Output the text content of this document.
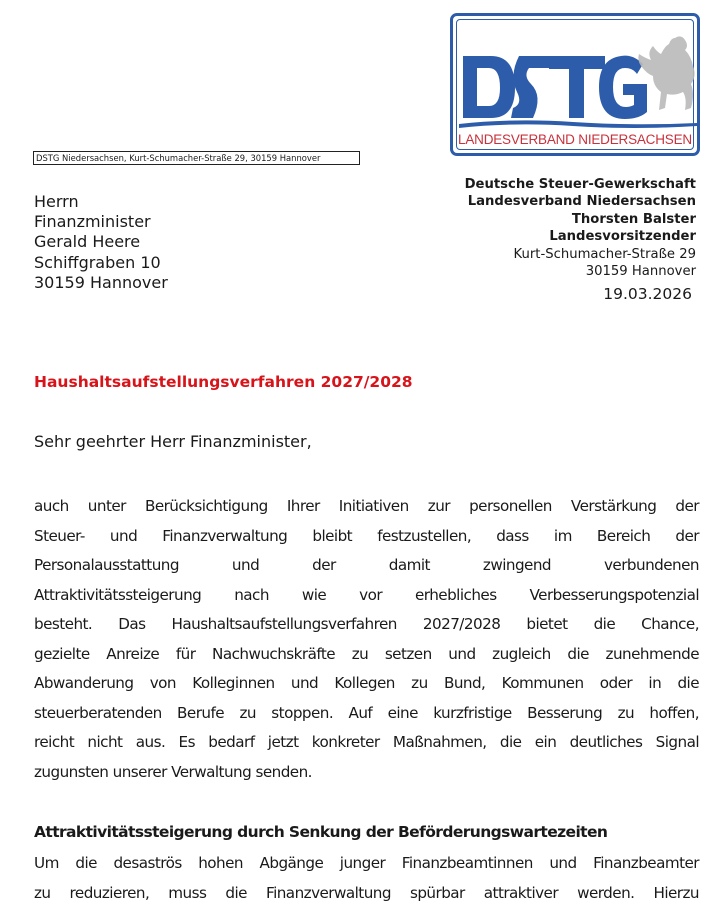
LANDESVERBAND NIEDERSACHSEN
DSTG Niedersachsen, Kurt-Schumacher-Straße 29, 30159 Hannover
Herrn
Finanzminister
Gerald Heere
Schiffgraben 10
30159 Hannover
Deutsche Steuer-Gewerkschaft
Landesverband Niedersachsen
Thorsten Balster
Landesvorsitzender
Kurt-Schumacher-Straße 29
30159 Hannover
19.03.2026
Haushaltsaufstellungsverfahren 2027/2028
Sehr geehrter Herr Finanzminister,
auch unter Berücksichtigung Ihrer Initiativen zur personellen Verstärkung der
Steuer- und Finanzverwaltung bleibt festzustellen, dass im Bereich der
Personalausstattung und der damit zwingend verbundenen
Attraktivitätssteigerung nach wie vor erhebliches Verbesserungspotenzial
besteht. Das Haushaltsaufstellungsverfahren 2027/2028 bietet die Chance,
gezielte Anreize für Nachwuchskräfte zu setzen und zugleich die zunehmende
Abwanderung von Kolleginnen und Kollegen zu Bund, Kommunen oder in die
steuerberatenden Berufe zu stoppen. Auf eine kurzfristige Besserung zu hoffen,
reicht nicht aus. Es bedarf jetzt konkreter Maßnahmen, die ein deutliches Signal
zugunsten unserer Verwaltung senden.
Attraktivitätssteigerung durch Senkung der Beförderungswartezeiten
Um die desaströs hohen Abgänge junger Finanzbeamtinnen und Finanzbeamter
zu reduzieren, muss die Finanzverwaltung spürbar attraktiver werden. Hierzu
